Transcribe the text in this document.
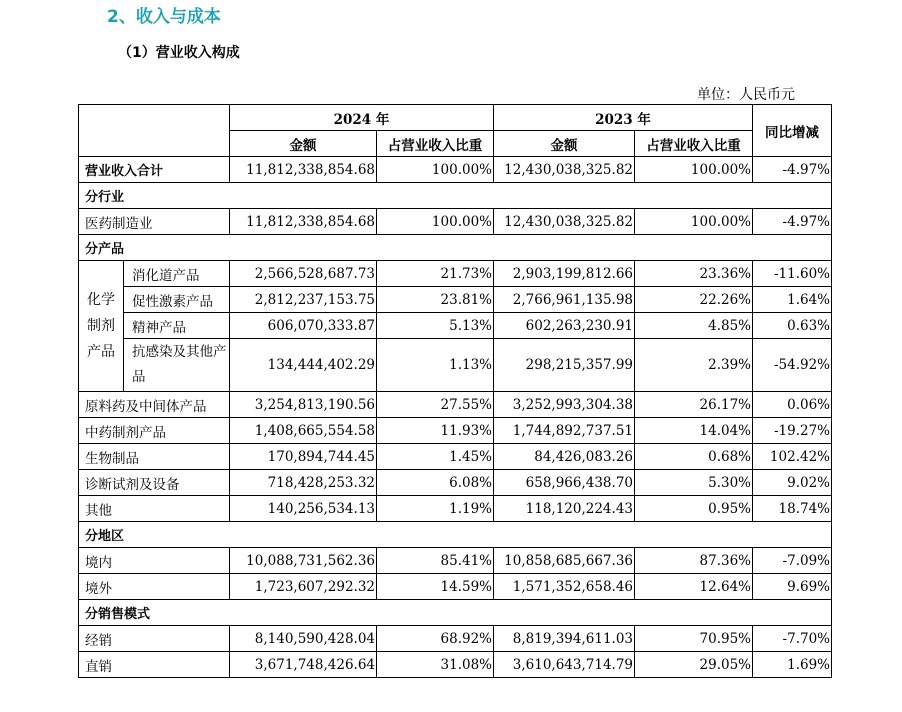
2、收入与成本
（1）营业收入构成
单位：人民币元
		2024 年		2023 年		同比增减
		金额	占营业收入比重	金额	占营业收入比重	
营业收入合计		11,812,338,854.68	100.00%	12,430,038,325.82	100.00%	-4.97%
分行业						
医药制造业		11,812,338,854.68	100.00%	12,430,038,325.82	100.00%	-4.97%
分产品						

化学
制剂
产品	消化道产品	2,566,528,687.73	21.73%	2,903,199,812.66	23.36%	-11.60%
	促性激素产品	2,812,237,153.75	23.81%	2,766,961,135.98	22.26%	1.64%
	精神产品	606,070,333.87	5.13%	602,263,230.91	4.85%	0.63%
	抗感染及其他产品	134,444,402.29	1.13%	298,215,357.99	2.39%	-54.92%
原料药及中间体产品		3,254,813,190.56	27.55%	3,252,993,304.38	26.17%	0.06%
中药制剂产品		1,408,665,554.58	11.93%	1,744,892,737.51	14.04%	-19.27%
生物制品		170,894,744.45	1.45%	84,426,083.26	0.68%	102.42%
诊断试剂及设备		718,428,253.32	6.08%	658,966,438.70	5.30%	9.02%
其他		140,256,534.13	1.19%	118,120,224.43	0.95%	18.74%
分地区						
境内		10,088,731,562.36	85.41%	10,858,685,667.36	87.36%	-7.09%
境外		1,723,607,292.32	14.59%	1,571,352,658.46	12.64%	9.69%
分销售模式						
经销		8,140,590,428.04	68.92%	8,819,394,611.03	70.95%	-7.70%
直销		3,671,748,426.64	31.08%	3,610,643,714.79	29.05%	1.69%
